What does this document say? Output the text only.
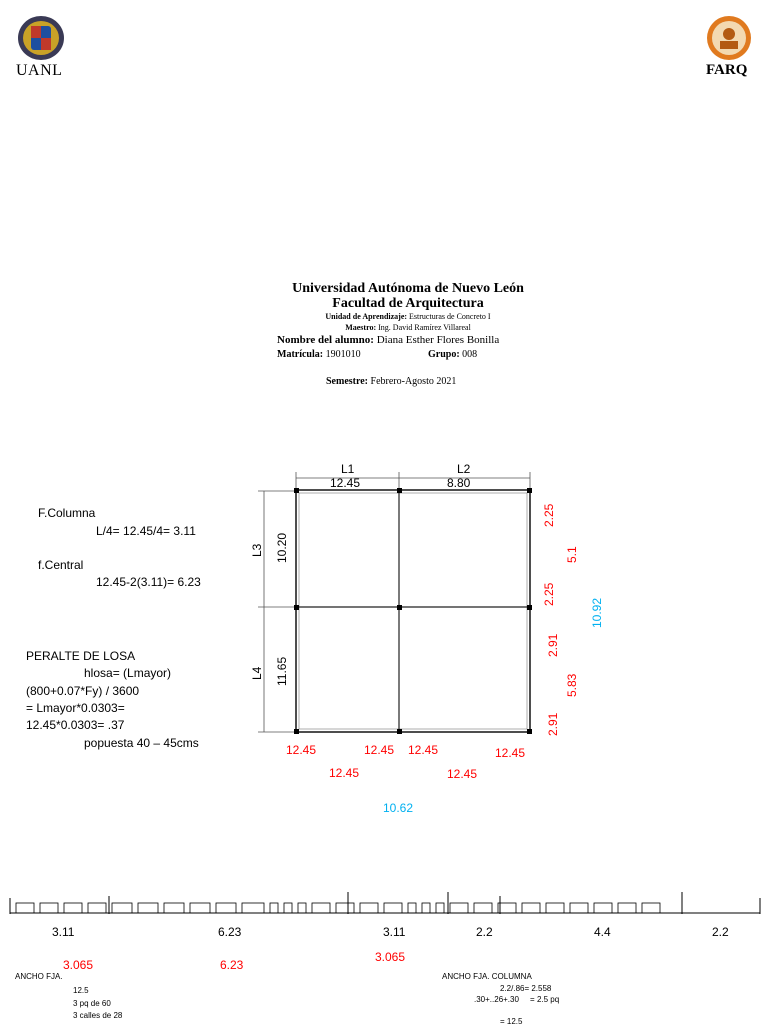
UANL	FARQ
Universidad Autónoma de Nuevo León
Facultad de Arquitectura
Unidad de Aprendizaje: Estructuras de Concreto I
Maestro: Ing. David Ramírez Villareal
Nombre del alumno: Diana Esther Flores Bonilla
Matrícula: 1901010	Grupo: 008
Semestre: Febrero-Agosto 2021
F.Columna
L/4= 12.45/4= 3.11
f.Central
12.45-2(3.11)= 6.23
PERALTE DE LOSA
hlosa= (Lmayor)
(800+0.07*Fy) / 3600
= Lmayor*0.0303=
12.45*0.0303= .37
popuesta 40 – 45cms
L1	L2
12.45	8.80
L3 10.20
L4 11.65
2.25
5.1
2.25
2.91
5.83
2.91
10.92
12.45	12.45 12.45	12.45
12.45	12.45
10.62
3.11	6.23	3.11	2.2	4.4	2.2
3.065	6.23
3.065
ANCHO FJA.
12.5
3 pq de 60
3 calles de 28
ANCHO FJA. COLUMNA
2.2/.86= 2.558
.30+..26+.30     = 2.5 pq
= 12.5
